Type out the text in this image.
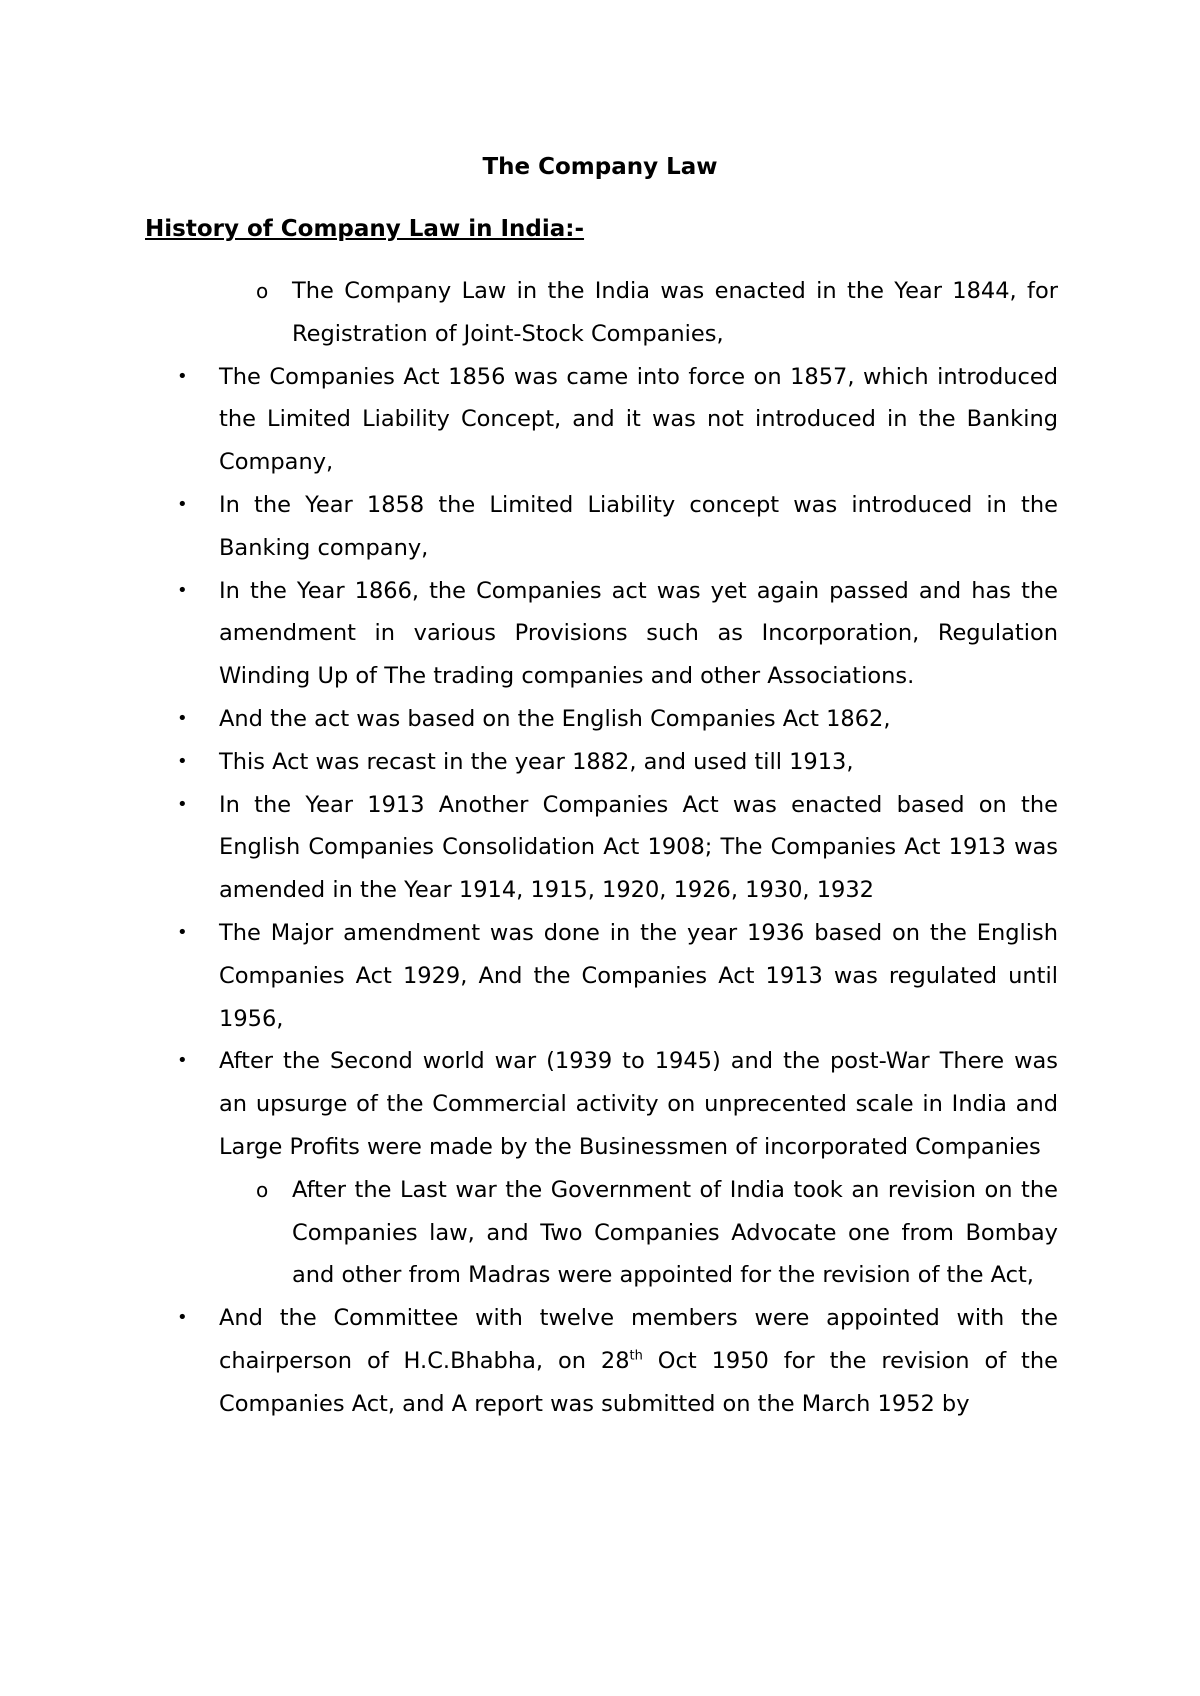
The Company Law
History of Company Law in India:-
o The Company Law in the India was enacted in the Year 1844, for Registration of Joint-Stock Companies,
• The Companies Act 1856 was came into force on 1857, which introduced the Limited Liability Concept, and it was not introduced in the Banking Company,
• In the Year 1858 the Limited Liability concept was introduced in the Banking company,
• In the Year 1866, the Companies act was yet again passed and has the amendment in various Provisions such as Incorporation, Regulation Winding Up of The trading companies and other Associations.
• And the act was based on the English Companies Act 1862,
• This Act was recast in the year 1882, and used till 1913,
• In the Year 1913 Another Companies Act was enacted based on the English Companies Consolidation Act 1908; The Companies Act 1913 was amended in the Year 1914, 1915, 1920, 1926, 1930, 1932
• The Major amendment was done in the year 1936 based on the English Companies Act 1929, And the Companies Act 1913 was regulated until 1956,
• After the Second world war (1939 to 1945) and the post-War There was an upsurge of the Commercial activity on unprecented scale in India and Large Profits were made by the Businessmen of incorporated Companies
o After the Last war the Government of India took an revision on the Companies law, and Two Companies Advocate one from Bombay and other from Madras were appointed for the revision of the Act,
• And the Committee with twelve members were appointed with the chairperson of H.C.Bhabha, on 28th Oct 1950 for the revision of the Companies Act, and A report was submitted on the March 1952 by
